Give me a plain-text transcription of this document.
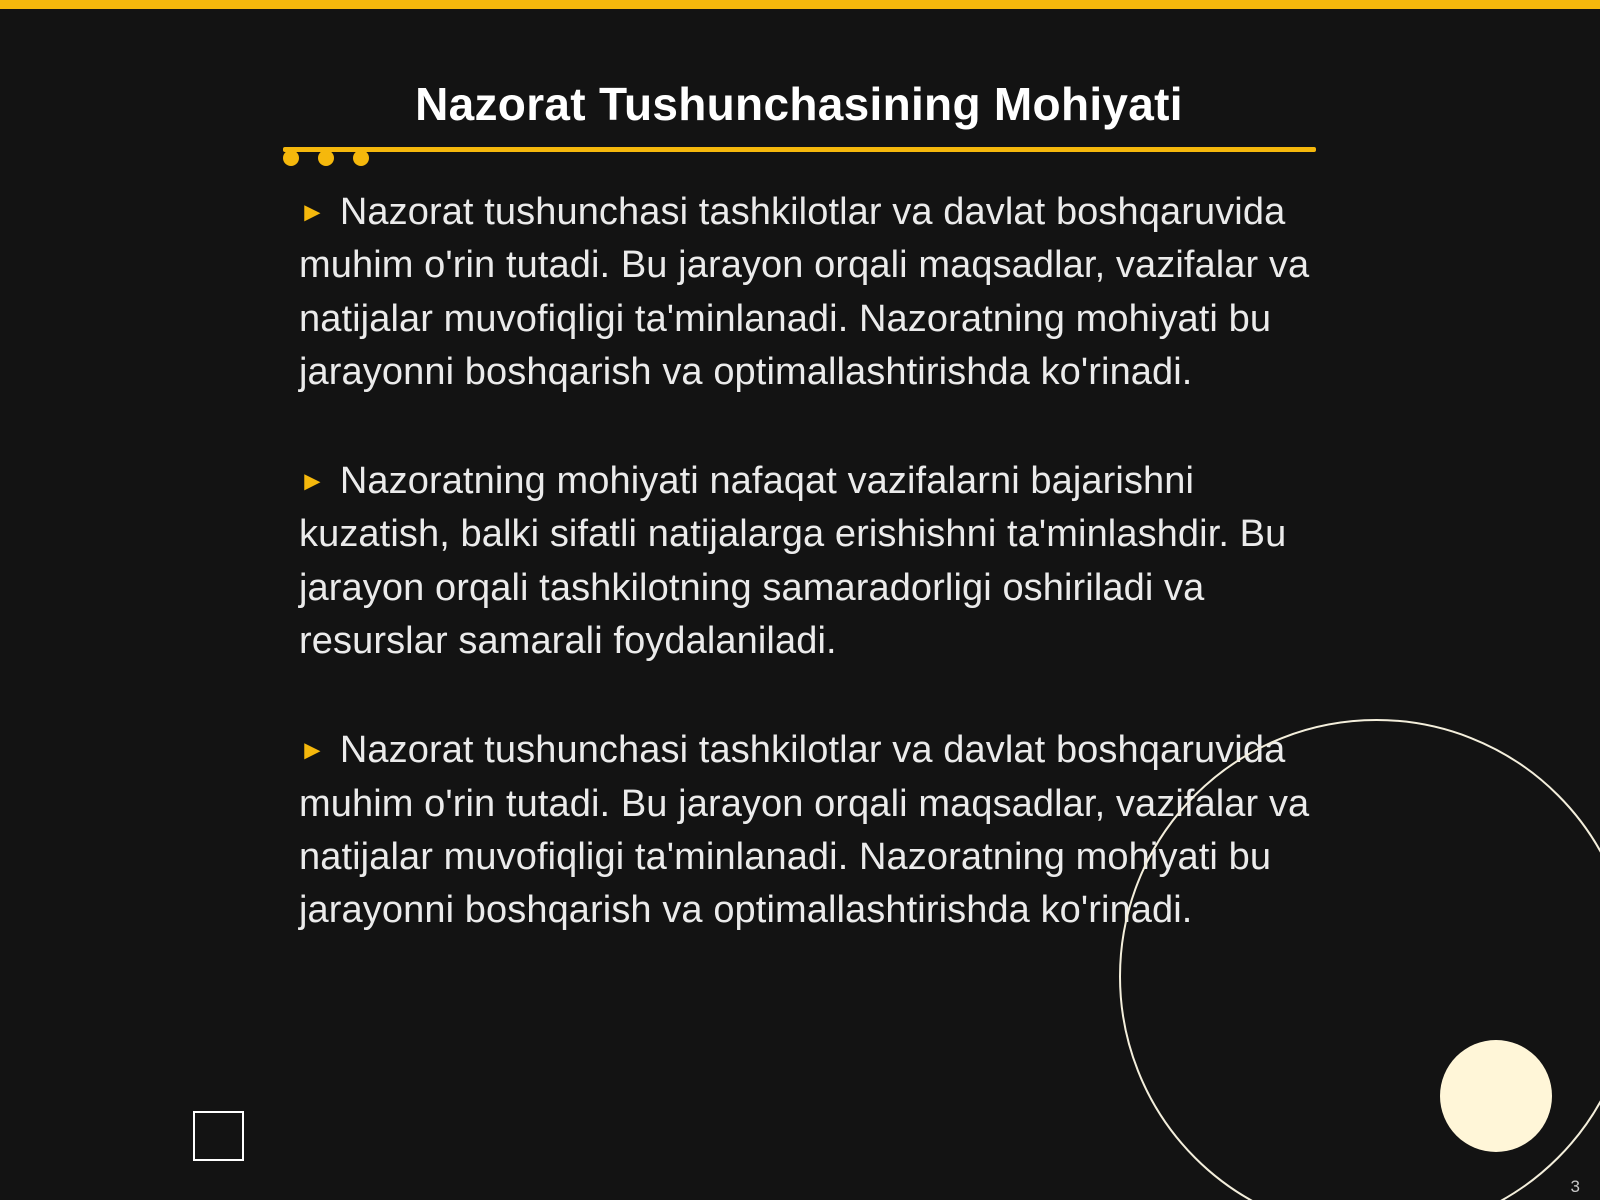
Nazorat Tushunchasining Mohiyati

► Nazorat tushunchasi tashkilotlar va davlat boshqaruvida muhim o'rin tutadi. Bu jarayon orqali maqsadlar, vazifalar va natijalar muvofiqligi ta'minlanadi. Nazoratning mohiyati bu jarayonni boshqarish va optimallashtirishda ko'rinadi.

► Nazoratning mohiyati nafaqat vazifalarni bajarishni kuzatish, balki sifatli natijalarga erishishni ta'minlashdir. Bu jarayon orqali tashkilotning samaradorligi oshiriladi va resurslar samarali foydalaniladi.

► Nazorat tushunchasi tashkilotlar va davlat boshqaruvida muhim o'rin tutadi. Bu jarayon orqali maqsadlar, vazifalar va natijalar muvofiqligi ta'minlanadi. Nazoratning mohiyati bu jarayonni boshqarish va optimallashtirishda ko'rinadi.

3
